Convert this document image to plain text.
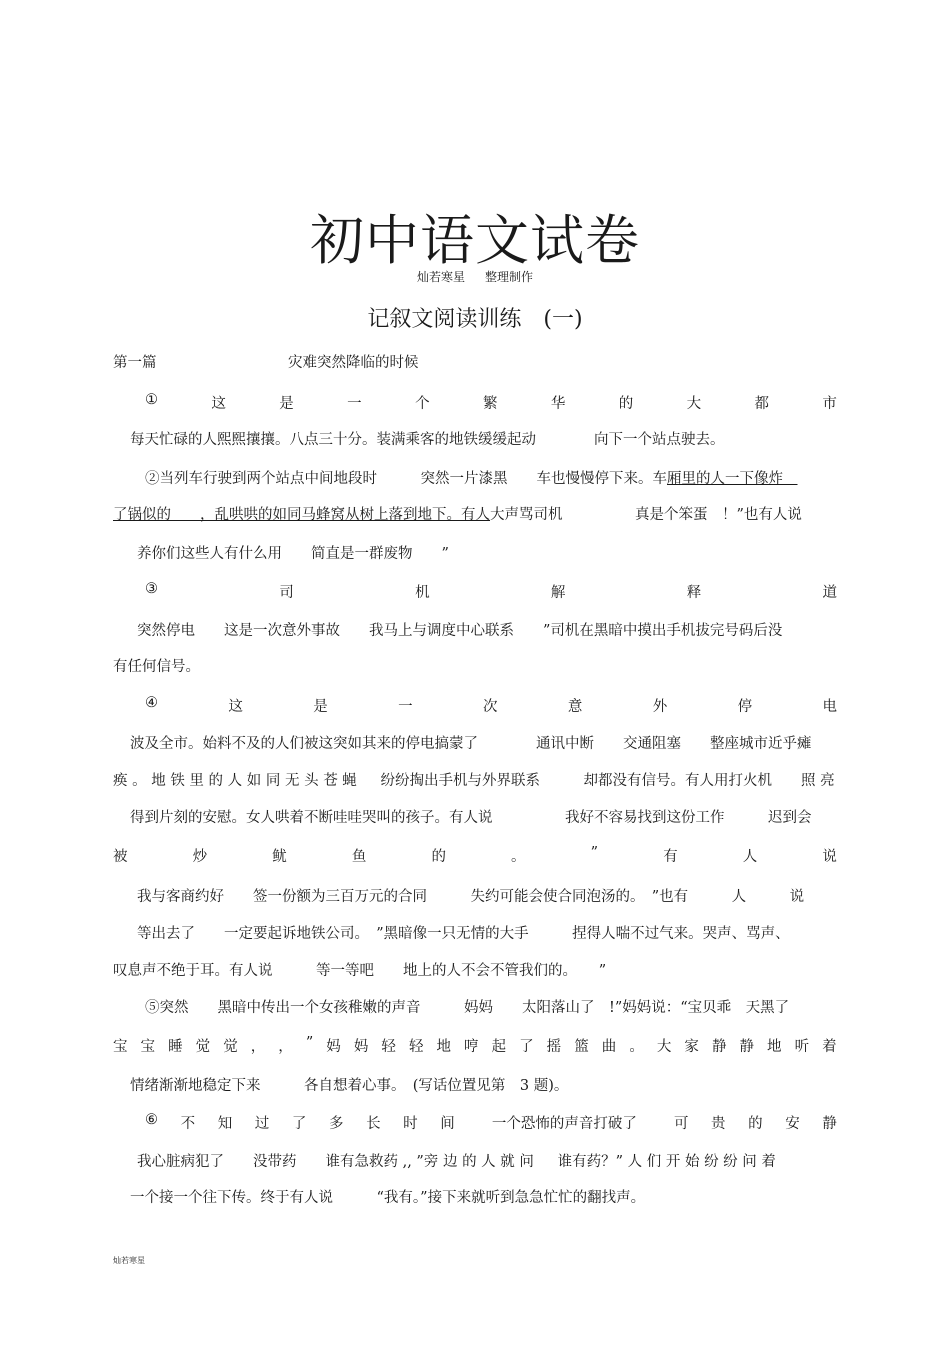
初中语文试卷
灿若寒星 整理制作
记叙文阅读训练　(一)
第一篇	灾难突然降临的时候
①	这	是	一	个	繁	华	的	大	都	市
每天忙碌的人熙熙攘攘。八点三十分。装满乘客的地铁缓缓起动　　　　向下一个站点驶去。
②当列车行驶到两个站点中间地段时　　　突然一片漆黑　　车也慢慢停下来。车厢里的人一下像炸　
了锅似的　　，乱哄哄的如同马蜂窝从树上落到地下。有人大声骂司机　　　　　真是个笨蛋　！”也有人说
养你们这些人有什么用　　简直是一群废物　　”
③	司	机	解	释	道
突然停电　　这是一次意外事故　　我马上与调度中心联系　　”司机在黑暗中摸出手机拔完号码后没
有任何信号。
④	这	是	一	次	意	外	停	电
波及全市。始料不及的人们被这突如其来的停电搞蒙了　　　　通讯中断　　交通阻塞　　整座城市近乎瘫
痪 。 地 铁 里 的 人 如 同 无 头 苍 蝇 　 纷纷掏出手机与外界联系　　　却都没有信号。有人用打火机　　照 亮
得到片刻的安慰。女人哄着不断哇哇哭叫的孩子。有人说　　　　　我好不容易找到这份工作　　　迟到会
被	炒	鱿	鱼	的	。	”	有	人	说
我与客商约好　　签一份额为三百万元的合同　　　失约可能会使合同泡汤的。　”也有　　　人　　　说
等出去了　　一定要起诉地铁公司。　”黑暗像一只无情的大手　　　捏得人喘不过气来。哭声、骂声、
叹息声不绝于耳。有人说　　　等一等吧　　地上的人不会不管我们的。　　”
⑤突然　　黑暗中传出一个女孩稚嫩的声音　　　妈妈　　太阳落山了　!”妈妈说：“宝贝乖　天黑了
宝 宝 睡 觉 觉 ， ， ” 妈 妈 轻 轻 地 哼 起 了 摇 篮 曲 。 大 家 静 静 地 听 着
情绪渐渐地稳定下来　　　各自想着心事。　(写话位置见第　3 题)。
⑥ 不 知 过 了 多 长 时 间 　一个恐怖的声音打破了　 可 贵 的 安 静
我心脏病犯了　　没带药　　谁有急救药 ,, ”旁 边 的 人 就 问 　 谁有药？” 人 们 开 始 纷 纷 问 着
一个接一个往下传。终于有人说　　　“我有。”接下来就听到急急忙忙的翻找声。
灿若寒星
